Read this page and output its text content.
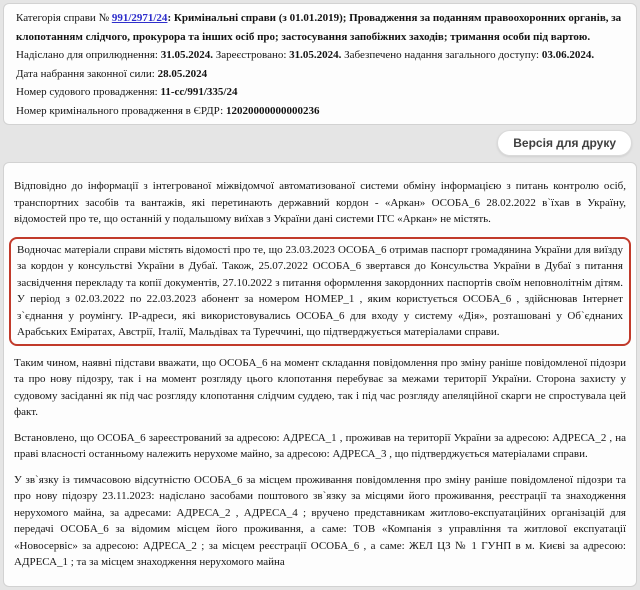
Категорія справи № 991/2971/24: Кримінальні справи (з 01.01.2019); Провадження за поданням правоохоронних органів, за клопотанням слідчого, прокурора та інших осіб про; застосування запобіжних заходів; тримання особи під вартою.
Надіслано для оприлюднення: 31.05.2024. Зареєстровано: 31.05.2024. Забезпечено надання загального доступу: 03.06.2024.
Дата набрання законної сили: 28.05.2024
Номер судового провадження: 11-сс/991/335/24
Номер кримінального провадження в ЄРДР: 12020000000000236
Версія для друку

Відповідно до інформації з інтегрованої міжвідомчої автоматизованої системи обміну інформацією з питань контролю осіб, транспортних засобів та вантажів, які перетинають державний кордон - «Аркан» ОСОБА_6 28.02.2022 в`їхав в Україну, відомостей про те, що останній у подальшому виїхав з України дані системи ІТС «Аркан» не містять.

Водночас матеріали справи містять відомості про те, що 23.03.2023 ОСОБА_6 отримав паспорт громадянина України для виїзду за кордон у консульстві України в Дубаї. Також, 25.07.2022 ОСОБА_6 звертався до Консульства України в Дубаї з питання засвідчення перекладу та копії документів, 27.10.2022 з питання оформлення закордонних паспортів своїм неповнолітнім дітям. У період з 02.03.2022 по 22.03.2023 абонент за номером НОМЕР_1 , яким користується ОСОБА_6 , здійснював Інтернет з`єднання у роумінгу. IP-адреси, які використовувались ОСОБА_6 для входу у систему «Дія», розташовані у Об`єднаних Арабських Еміратах, Австрії, Італії, Мальдівах та Туреччині, що підтверджується матеріалами справи.

Таким чином, наявні підстави вважати, що ОСОБА_6 на момент складання повідомлення про зміну раніше повідомленої підозри та про нову підозру, так і на момент розгляду цього клопотання перебуває за межами території України. Сторона захисту у судовому засіданні як під час розгляду клопотання слідчим суддею, так і під час розгляду апеляційної скарги не спростувала цей факт.

Встановлено, що ОСОБА_6 зареєстрований за адресою: АДРЕСА_1 , проживав на території України за адресою: АДРЕСА_2 , на праві власності останньому належить нерухоме майно, за адресою: АДРЕСА_3 , що підтверджується матеріалами справи.

У зв`язку із тимчасовою відсутністю ОСОБА_6 за місцем проживання повідомлення про зміну раніше повідомленої підозри та про нову підозру 23.11.2023: надіслано засобами поштового зв`язку за місцями його проживання, реєстрації та знаходження нерухомого майна, за адресами: АДРЕСА_2 , АДРЕСА_4 ; вручено представникам житлово-експуатаційних організацій для передачі ОСОБА_6 за відомим місцем його проживання, а саме: ТОВ «Компанія з управління та житлової експуатації «Новосервіс» за адресою: АДРЕСА_2 ; за місцем реєстрації ОСОБА_6 , а саме: ЖЕЛ ЦЗ № 1 ГУНП в м. Києві за адресою: АДРЕСА_1 ; та за місцем знаходження нерухомого майна
